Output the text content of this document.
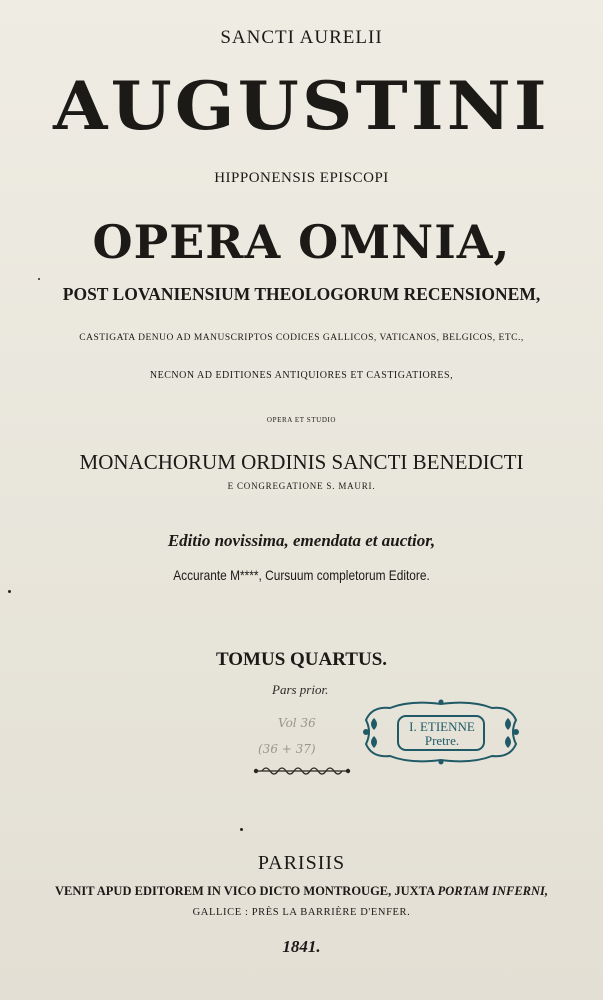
SANCTI AURELII
AUGUSTINI
HIPPONENSIS EPISCOPI
OPERA OMNIA,
POST LOVANIENSIUM THEOLOGORUM RECENSIONEM,
CASTIGATA DENUO AD MANUSCRIPTOS CODICES GALLICOS, VATICANOS, BELGICOS, ETC.,
NECNON AD EDITIONES ANTIQUIORES ET CASTIGATIORES,
OPERA ET STUDIO
MONACHORUM ORDINIS SANCTI BENEDICTI
E CONGREGATIONE S. MAURI.
Editio novissima, emendata et auctior,
Accurante M****, Cursuum completorum Editore.
TOMUS QUARTUS.
Pars prior.
Vol 36
(36 + 37)
I. ETIENNE
Pretre.
PARISIIS
VENIT APUD EDITOREM IN VICO DICTO MONTROUGE, JUXTA PORTAM INFERNI,
GALLICE : PRÈS LA BARRIÈRE D'ENFER.
1841.
